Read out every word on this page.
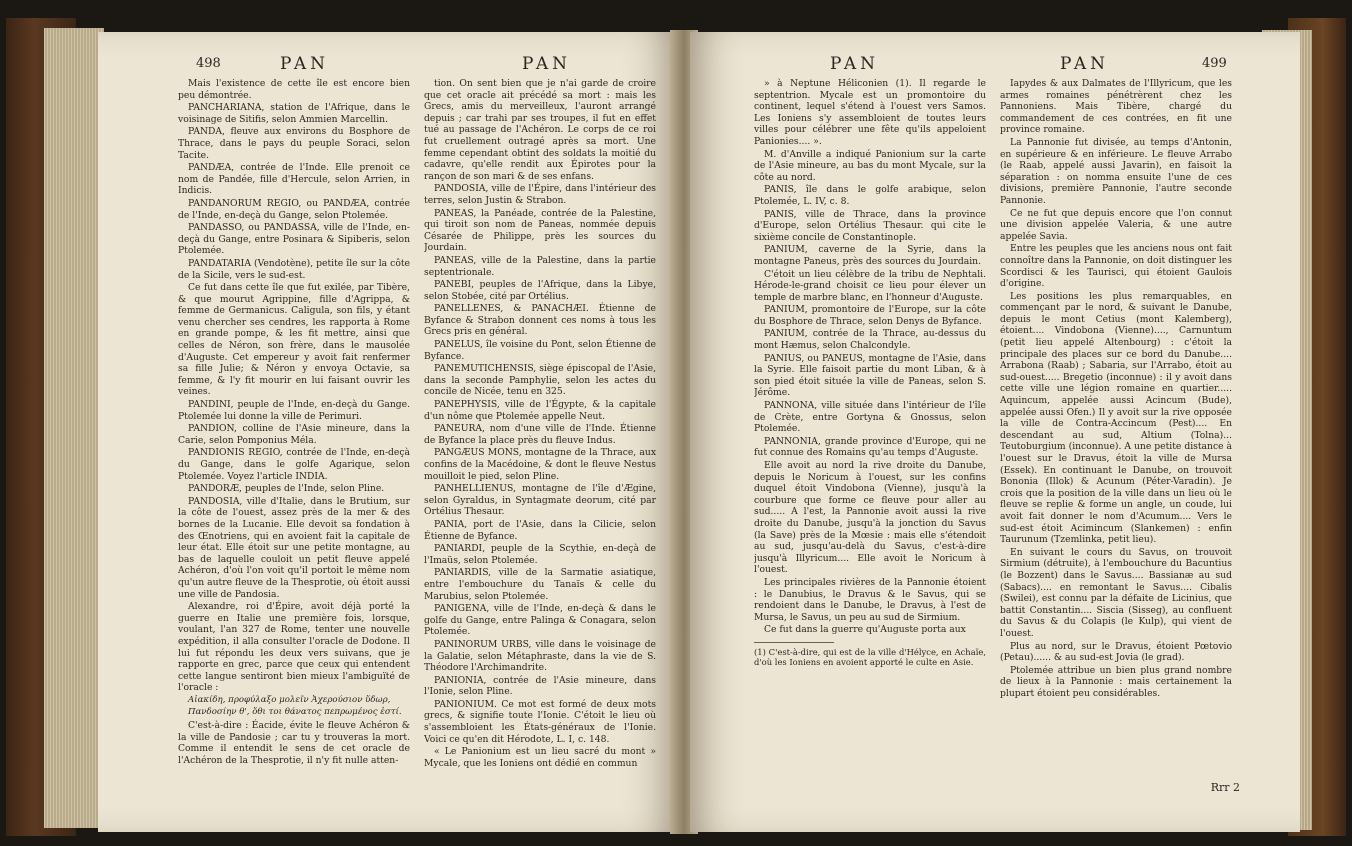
498	PAN	PAN

Mais l'existence de cette île est encore bien peu démontrée.

PANCHARIANA, station de l'Afrique, dans le voisinage de Sitifis, selon Ammien Marcellin.

PANDA, fleuve aux environs du Bosphore de Thrace, dans le pays du peuple Soraci, selon Tacite.

PANDÆA, contrée de l'Inde. Elle prenoit ce nom de Pandée, fille d'Hercule, selon Arrien, in Indicis.

PANDANORUM REGIO, ou PANDÆA, contrée de l'Inde, en-deçà du Gange, selon Ptolemée.

PANDASSO, ou PANDASSA, ville de l'Inde, en-deçà du Gange, entre Posinara & Sipiberis, selon Ptolemée.

PANDATARIA (Vendotène), petite île sur la côte de la Sicile, vers le sud-est.

Ce fut dans cette île que fut exilée, par Tibère, & que mourut Agrippine, fille d'Agrippa, & femme de Germanicus. Caligula, son fils, y étant venu chercher ses cendres, les rapporta à Rome en grande pompe, & les fit mettre, ainsi que celles de Néron, son frère, dans le mausolée d'Auguste. Cet empereur y avoit fait renfermer sa fille Julie; & Néron y envoya Octavie, sa femme, & l'y fit mourir en lui faisant ouvrir les veines.

PANDINI, peuple de l'Inde, en-deçà du Gange. Ptolemée lui donne la ville de Perimuri.

PANDION, colline de l'Asie mineure, dans la Carie, selon Pomponius Méla.

PANDIONIS REGIO, contrée de l'Inde, en-deçà du Gange, dans le golfe Agarique, selon Ptolemée. Voyez l'article INDIA.

PANDORÆ, peuples de l'Inde, selon Pline.

PANDOSIA, ville d'Italie, dans le Brutium, sur la côte de l'ouest, assez près de la mer & des bornes de la Lucanie. Elle devoit sa fondation à des Œnotriens, qui en avoient fait la capitale de leur état. Elle étoit sur une petite montagne, au bas de laquelle couloit un petit fleuve appelé Achéron, d'où l'on voit qu'il portoit le même nom qu'un autre fleuve de la Thesprotie, où étoit aussi une ville de Pandosia.

Alexandre, roi d'Épire, avoit déjà porté la guerre en Italie une première fois, lorsque, voulant, l'an 327 de Rome, tenter une nouvelle expédition, il alla consulter l'oracle de Dodone. Il lui fut répondu les deux vers suivans, que je rapporte en grec, parce que ceux qui entendent cette langue sentiront bien mieux l'ambiguïté de l'oracle :

Αἰακίδη, προφύλαξο μολεῖν Ἀχερούσιον ὕδωρ,

Πανδοσίην θ', ὅθι τοι θάνατος πεπρωμένος ἐστί.

C'est-à-dire : Éacide, évite le fleuve Achéron & la ville de Pandosie ; car tu y trouveras la mort. Comme il entendit le sens de cet oracle de l'Achéron de la Thesprotie, il n'y fit nulle atten-

tion. On sent bien que je n'ai garde de croire que cet oracle ait précédé sa mort : mais les Grecs, amis du merveilleux, l'auront arrangé depuis ; car trahi par ses troupes, il fut en effet tué au passage de l'Achéron. Le corps de ce roi fut cruellement outragé après sa mort. Une femme cependant obtint des soldats la moitié du cadavre, qu'elle rendit aux Épirotes pour la rançon de son mari & de ses enfans.

PANDOSIA, ville de l'Épire, dans l'intérieur des terres, selon Justin & Strabon.

PANEAS, la Panéade, contrée de la Palestine, qui tiroit son nom de Paneas, nommée depuis Césarée de Philippe, près les sources du Jourdain.

PANEAS, ville de la Palestine, dans la partie septentrionale.

PANEBI, peuples de l'Afrique, dans la Libye, selon Stobée, cité par Ortélius.

PANELLENES, & PANACHÆI. Étienne de Byfance & Strabon donnent ces noms à tous les Grecs pris en général.

PANELUS, île voisine du Pont, selon Étienne de Byfance.

PANEMUTICHENSIS, siège épiscopal de l'Asie, dans la seconde Pamphylie, selon les actes du concile de Nicée, tenu en 325.

PANEPHYSIS, ville de l'Égypte, & la capitale d'un nôme que Ptolemée appelle Neut.

PANEURA, nom d'une ville de l'Inde. Étienne de Byfance la place près du fleuve Indus.

PANGÆUS MONS, montagne de la Thrace, aux confins de la Macédoine, & dont le fleuve Nestus mouilloit le pied, selon Pline.

PANHELLIENUS, montagne de l'île d'Ægine, selon Gyraldus, in Syntagmate deorum, cité par Ortélius Thesaur.

PANIA, port de l'Asie, dans la Cilicie, selon Étienne de Byfance.

PANIARDI, peuple de la Scythie, en-deçà de l'Imaüs, selon Ptolemée.

PANIARDIS, ville de la Sarmatie asiatique, entre l'embouchure du Tanaïs & celle du Marubius, selon Ptolemée.

PANIGENA, ville de l'Inde, en-deçà & dans le golfe du Gange, entre Palinga & Conagara, selon Ptolemée.

PANINORUM URBS, ville dans le voisinage de la Galatie, selon Métaphraste, dans la vie de S. Théodore l'Archimandrite.

PANIONIA, contrée de l'Asie mineure, dans l'Ionie, selon Pline.

PANIONIUM. Ce mot est formé de deux mots grecs, & signifie toute l'Ionie. C'étoit le lieu où s'assembloient les États-généraux de l'Ionie. Voici ce qu'en dit Hérodote, L. I, c. 148.

« Le Panionium est un lieu sacré du mont » Mycale, que les Ioniens ont dédié en commun

PAN	PAN	499

» à Neptune Héliconien (1). Il regarde le septentrion. Mycale est un promontoire du continent, lequel s'étend à l'ouest vers Samos. Les Ioniens s'y assembloient de toutes leurs villes pour célébrer une fête qu'ils appeloient Panionies.... ».

M. d'Anville a indiqué Panionium sur la carte de l'Asie mineure, au bas du mont Mycale, sur la côte au nord.

PANIS, île dans le golfe arabique, selon Ptolemée, L. IV, c. 8.

PANIS, ville de Thrace, dans la province d'Europe, selon Ortélius Thesaur. qui cite le sixième concile de Constantinople.

PANIUM, caverne de la Syrie, dans la montagne Paneus, près des sources du Jourdain.

C'étoit un lieu célèbre de la tribu de Nephtali. Hérode-le-grand choisit ce lieu pour élever un temple de marbre blanc, en l'honneur d'Auguste.

PANIUM, promontoire de l'Europe, sur la côte du Bosphore de Thrace, selon Denys de Byfance.

PANIUM, contrée de la Thrace, au-dessus du mont Hæmus, selon Chalcondyle.

PANIUS, ou PANEUS, montagne de l'Asie, dans la Syrie. Elle faisoit partie du mont Liban, & à son pied étoit située la ville de Paneas, selon S. Jérôme.

PANNONA, ville située dans l'intérieur de l'île de Crète, entre Gortyna & Gnossus, selon Ptolemée.

PANNONIA, grande province d'Europe, qui ne fut connue des Romains qu'au temps d'Auguste.

Elle avoit au nord la rive droite du Danube, depuis le Noricum à l'ouest, sur les confins duquel étoit Vindobona (Vienne), jusqu'à la courbure que forme ce fleuve pour aller au sud..... A l'est, la Pannonie avoit aussi la rive droite du Danube, jusqu'à la jonction du Savus (la Save) près de la Mœsie : mais elle s'étendoit au sud, jusqu'au-delà du Savus, c'est-à-dire jusqu'à Illyricum.... Elle avoit le Noricum à l'ouest.

Les principales rivières de la Pannonie étoient : le Danubius, le Dravus & le Savus, qui se rendoient dans le Danube, le Dravus, à l'est de Mursa, le Savus, un peu au sud de Sirmium.

Ce fut dans la guerre qu'Auguste porta aux

(1) C'est-à-dire, qui est de la ville d'Hélyce, en Achaïe, d'où les Ioniens en avoient apporté le culte en Asie.

Iapydes & aux Dalmates de l'Illyricum, que les armes romaines pénétrèrent chez les Pannoniens. Mais Tibère, chargé du commandement de ces contrées, en fit une province romaine.

La Pannonie fut divisée, au temps d'Antonin, en supérieure & en inférieure. Le fleuve Arrabo (le Raab, appelé aussi Javarin), en faisoit la séparation : on nomma ensuite l'une de ces divisions, première Pannonie, l'autre seconde Pannonie.

Ce ne fut que depuis encore que l'on connut une division appelée Valeria, & une autre appelée Savia.

Entre les peuples que les anciens nous ont fait connoître dans la Pannonie, on doit distinguer les Scordisci & les Taurisci, qui étoient Gaulois d'origine.

Les positions les plus remarquables, en commençant par le nord, & suivant le Danube, depuis le mont Cetius (mont Kalemberg), étoient.... Vindobona (Vienne)...., Carnuntum (petit lieu appelé Altenbourg) : c'étoit la principale des places sur ce bord du Danube.... Arrabona (Raab) ; Sabaria, sur l'Arrabo, étoit au sud-ouest..... Bregetio (inconnue) : il y avoit dans cette ville une légion romaine en quartier..... Aquincum, appelée aussi Acincum (Bude), appelée aussi Ofen.) Il y avoit sur la rive opposée la ville de Contra-Accincum (Pest).... En descendant au sud, Altium (Tolna)... Teutoburgium (inconnue). A une petite distance à l'ouest sur le Dravus, étoit la ville de Mursa (Essek). En continuant le Danube, on trouvoit Bononia (Illok) & Acunum (Péter-Varadin). Je crois que la position de la ville dans un lieu où le fleuve se replie & forme un angle, un coude, lui avoit fait donner le nom d'Acumum.... Vers le sud-est étoit Acimincum (Slankemen) : enfin Taurunum (Tzemlinka, petit lieu).

En suivant le cours du Savus, on trouvoit Sirmium (détruite), à l'embouchure du Bacuntius (le Bozzent) dans le Savus.... Bassianæ au sud (Sabacs).... en remontant le Savus.... Cibalis (Swilei), est connu par la défaite de Licinius, que battit Constantin.... Siscia (Sisseg), au confluent du Savus & du Colapis (le Kulp), qui vient de l'ouest.

Plus au nord, sur le Dravus, étoient Pœtovio (Petau)...... & au sud-est Jovia (le grad).

Ptolemée attribue un bien plus grand nombre de lieux à la Pannonie : mais certainement la plupart étoient peu considérables.

Rrr 2
